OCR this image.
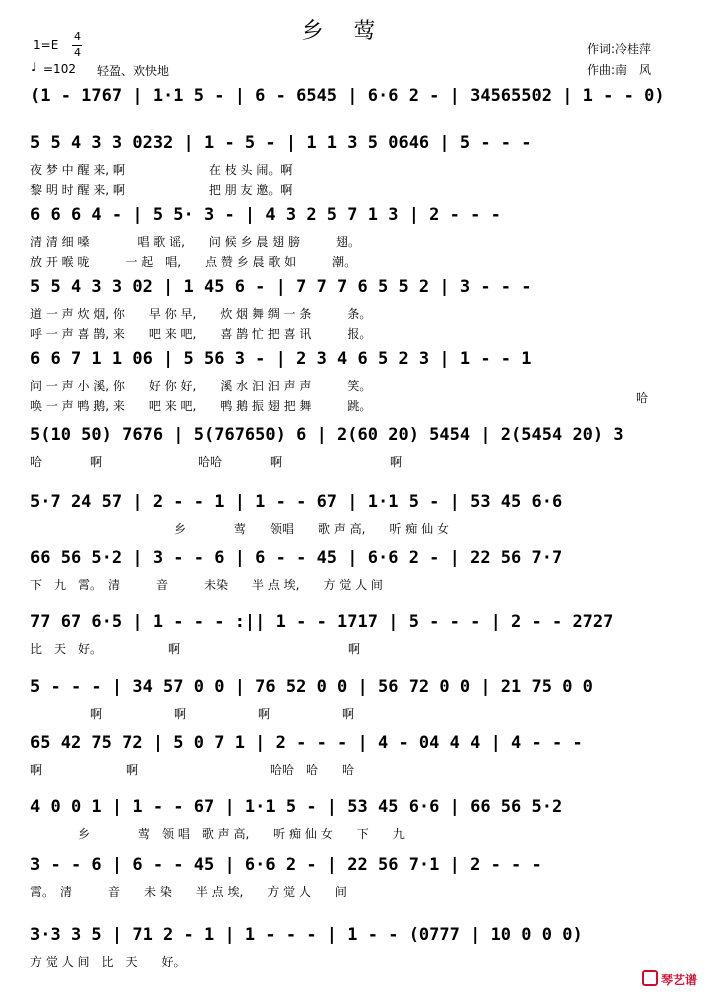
乡莺
1=E
4
4
♩ =102 轻盈、欢快地
作词:冷桂萍
作曲:南　风
(1 - 1767 | 1·1 5 - | 6 - 6545 | 6·6 2 - | 34565502 | 1 - - 0)
5 5 4 3 3 0232 | 1 - 5 - | 1 1 3 5 0646 | 5 - - -
夜 梦 中 醒 来, 啊　　　　　　　在 枝 头 闹。啊
黎 明 时 醒 来, 啊　　　　　　　把 朋 友 邀。啊
6 6 6 4 - | 5 5· 3 - | 4 3 2 5 7 1 3 | 2 - - -
清 清 细 嗓　　　　唱 歌 谣,　　问 候 乡 晨 翅 膀　　　翅。
放 开 喉 咙　　　一 起　唱,　　点 赞 乡 晨 歌 如　　　潮。
5 5 4 3 3 02 | 1 45 6 - | 7 7 7 6 5 5 2 | 3 - - -
道 一 声 炊 烟, 你　　早 你 早,　　炊 烟 舞 绸 一 条　　　条。
呼 一 声 喜 鹊, 来　　吧 来 吧,　　喜 鹊 忙 把 喜 讯　　　报。
6 6 7 1 1 06 | 5 56 3 - | 2 3 4 6 5 2 3 | 1 - - 1
问 一 声 小 溪, 你　　好 你 好,　　溪 水 汩 汩 声 声　　　笑。
唤 一 声 鸭 鹅, 来　　吧 来 吧,　　鸭 鹅 振 翅 把 舞　　　跳。
哈
5(10 50) 7676 | 5(767650) 6 | 2(60 20) 5454 | 2(5454 20) 3
哈　　　　啊　　　　　　　　哈哈　　　　啊　　　　　　　　　啊
5·7 24 57 | 2 - - 1 | 1 - - 67 | 1·1 5 - | 53 45 6·6
　　　　　　　　　　　　乡　　　　莺　　领唱　　歌 声 高,　　听 痴 仙 女
66 56 5·2 | 3 - - 6 | 6 - - 45 | 6·6 2 - | 22 56 7·7
下　九　霄。　清　　　音　　　未染　　半 点 埃,　　方 觉 人 间
77 67 6·5 | 1 - - - :|| 1 - - 1717 | 5 - - - | 2 - - 2727
比　天　好。　　　　　　啊　　　　　　　　　　　　　　啊
5 - - - | 34 57 0 0 | 76 52 0 0 | 56 72 0 0 | 21 75 0 0
　　　　　啊　　　　　　啊　　　　　　啊　　　　　　啊
65 42 75 72 | 5 0 7 1 | 2 - - - | 4 - 04 4 4 | 4 - - -
啊　　　　　　　啊　　　　　　　　　　　哈哈　哈　　哈
4 0 0 1 | 1 - - 67 | 1·1 5 - | 53 45 6·6 | 66 56 5·2
　　　　乡　　　　莺　领 唱　歌 声 高,　　听 痴 仙 女　　下　　九
3 - - 6 | 6 - - 45 | 6·6 2 - | 22 56 7·1 | 2 - - -
霄。　清　　　音　　未 染　　半 点 埃,　　方 觉 人　　间
3·3 3 5 | 71 2 - 1 | 1 - - - | 1 - - (0777 | 10 0 0 0)
方 觉 人 间　比　天　　好。
琴艺谱
